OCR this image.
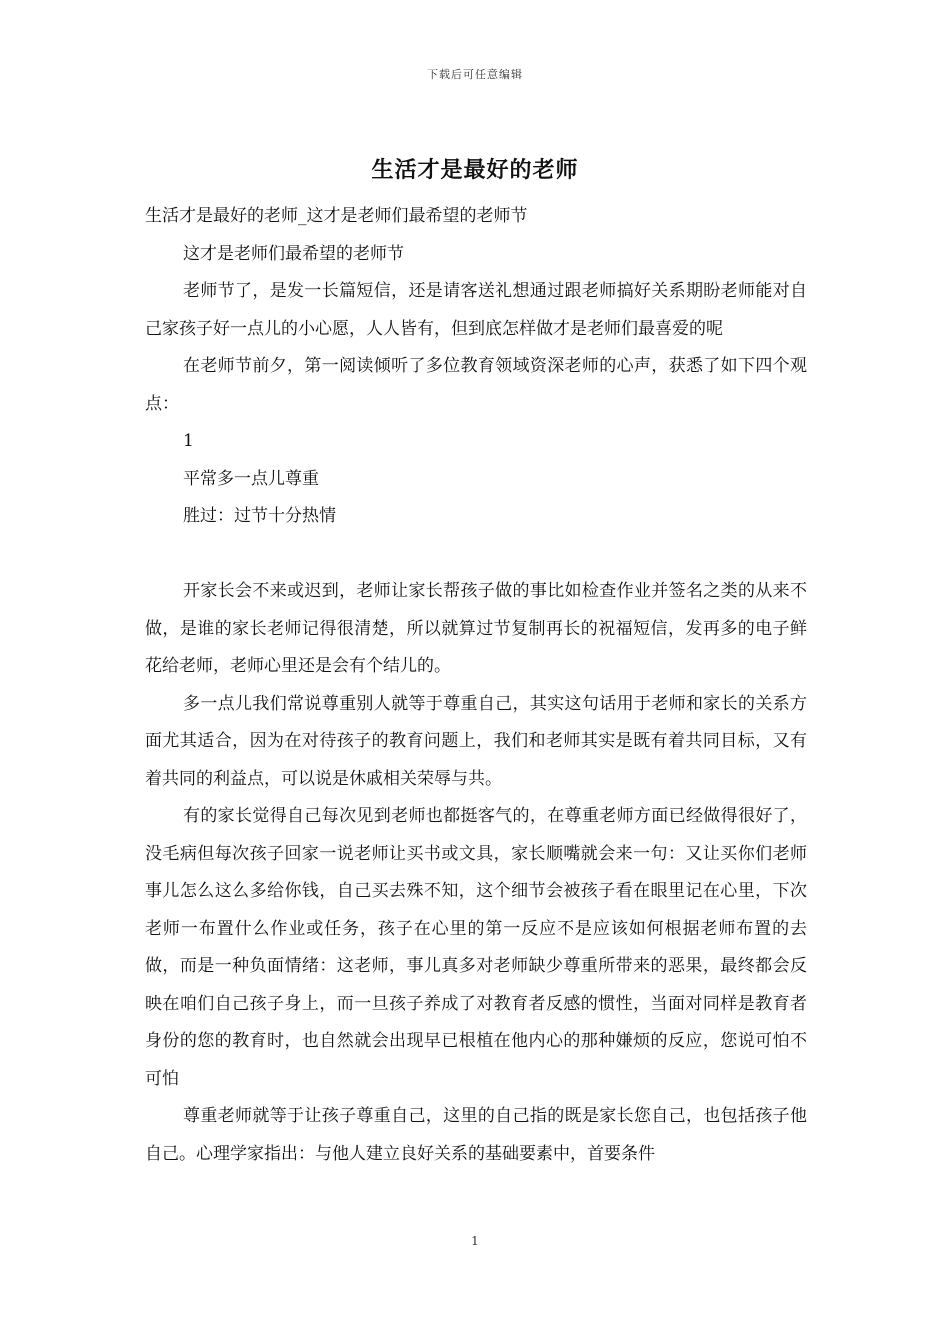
下载后可任意编辑
生活才是最好的老师

生活才是最好的老师_这才是老师们最希望的老师节

这才是老师们最希望的老师节

老师节了，是发一长篇短信，还是请客送礼想通过跟老师搞好关系期盼老师能对自己家孩子好一点儿的小心愿，人人皆有，但到底怎样做才是老师们最喜爱的呢

在老师节前夕，第一阅读倾听了多位教育领域资深老师的心声，获悉了如下四个观点：

1

平常多一点儿尊重

胜过：过节十分热情

开家长会不来或迟到，老师让家长帮孩子做的事比如检查作业并签名之类的从来不做，是谁的家长老师记得很清楚，所以就算过节复制再长的祝福短信，发再多的电子鲜花给老师，老师心里还是会有个结儿的。

多一点儿我们常说尊重别人就等于尊重自己，其实这句话用于老师和家长的关系方面尤其适合，因为在对待孩子的教育问题上，我们和老师其实是既有着共同目标，又有着共同的利益点，可以说是休戚相关荣辱与共。

有的家长觉得自己每次见到老师也都挺客气的，在尊重老师方面已经做得很好了，没毛病但每次孩子回家一说老师让买书或文具，家长顺嘴就会来一句：又让买你们老师事儿怎么这么多给你钱，自己买去殊不知，这个细节会被孩子看在眼里记在心里，下次老师一布置什么作业或任务，孩子在心里的第一反应不是应该如何根据老师布置的去做，而是一种负面情绪：这老师，事儿真多对老师缺少尊重所带来的恶果，最终都会反映在咱们自己孩子身上，而一旦孩子养成了对教育者反感的惯性，当面对同样是教育者身份的您的教育时，也自然就会出现早已根植在他内心的那种嫌烦的反应，您说可怕不可怕

尊重老师就等于让孩子尊重自己，这里的自己指的既是家长您自己，也包括孩子他自己。心理学家指出：与他人建立良好关系的基础要素中，首要条件

1
